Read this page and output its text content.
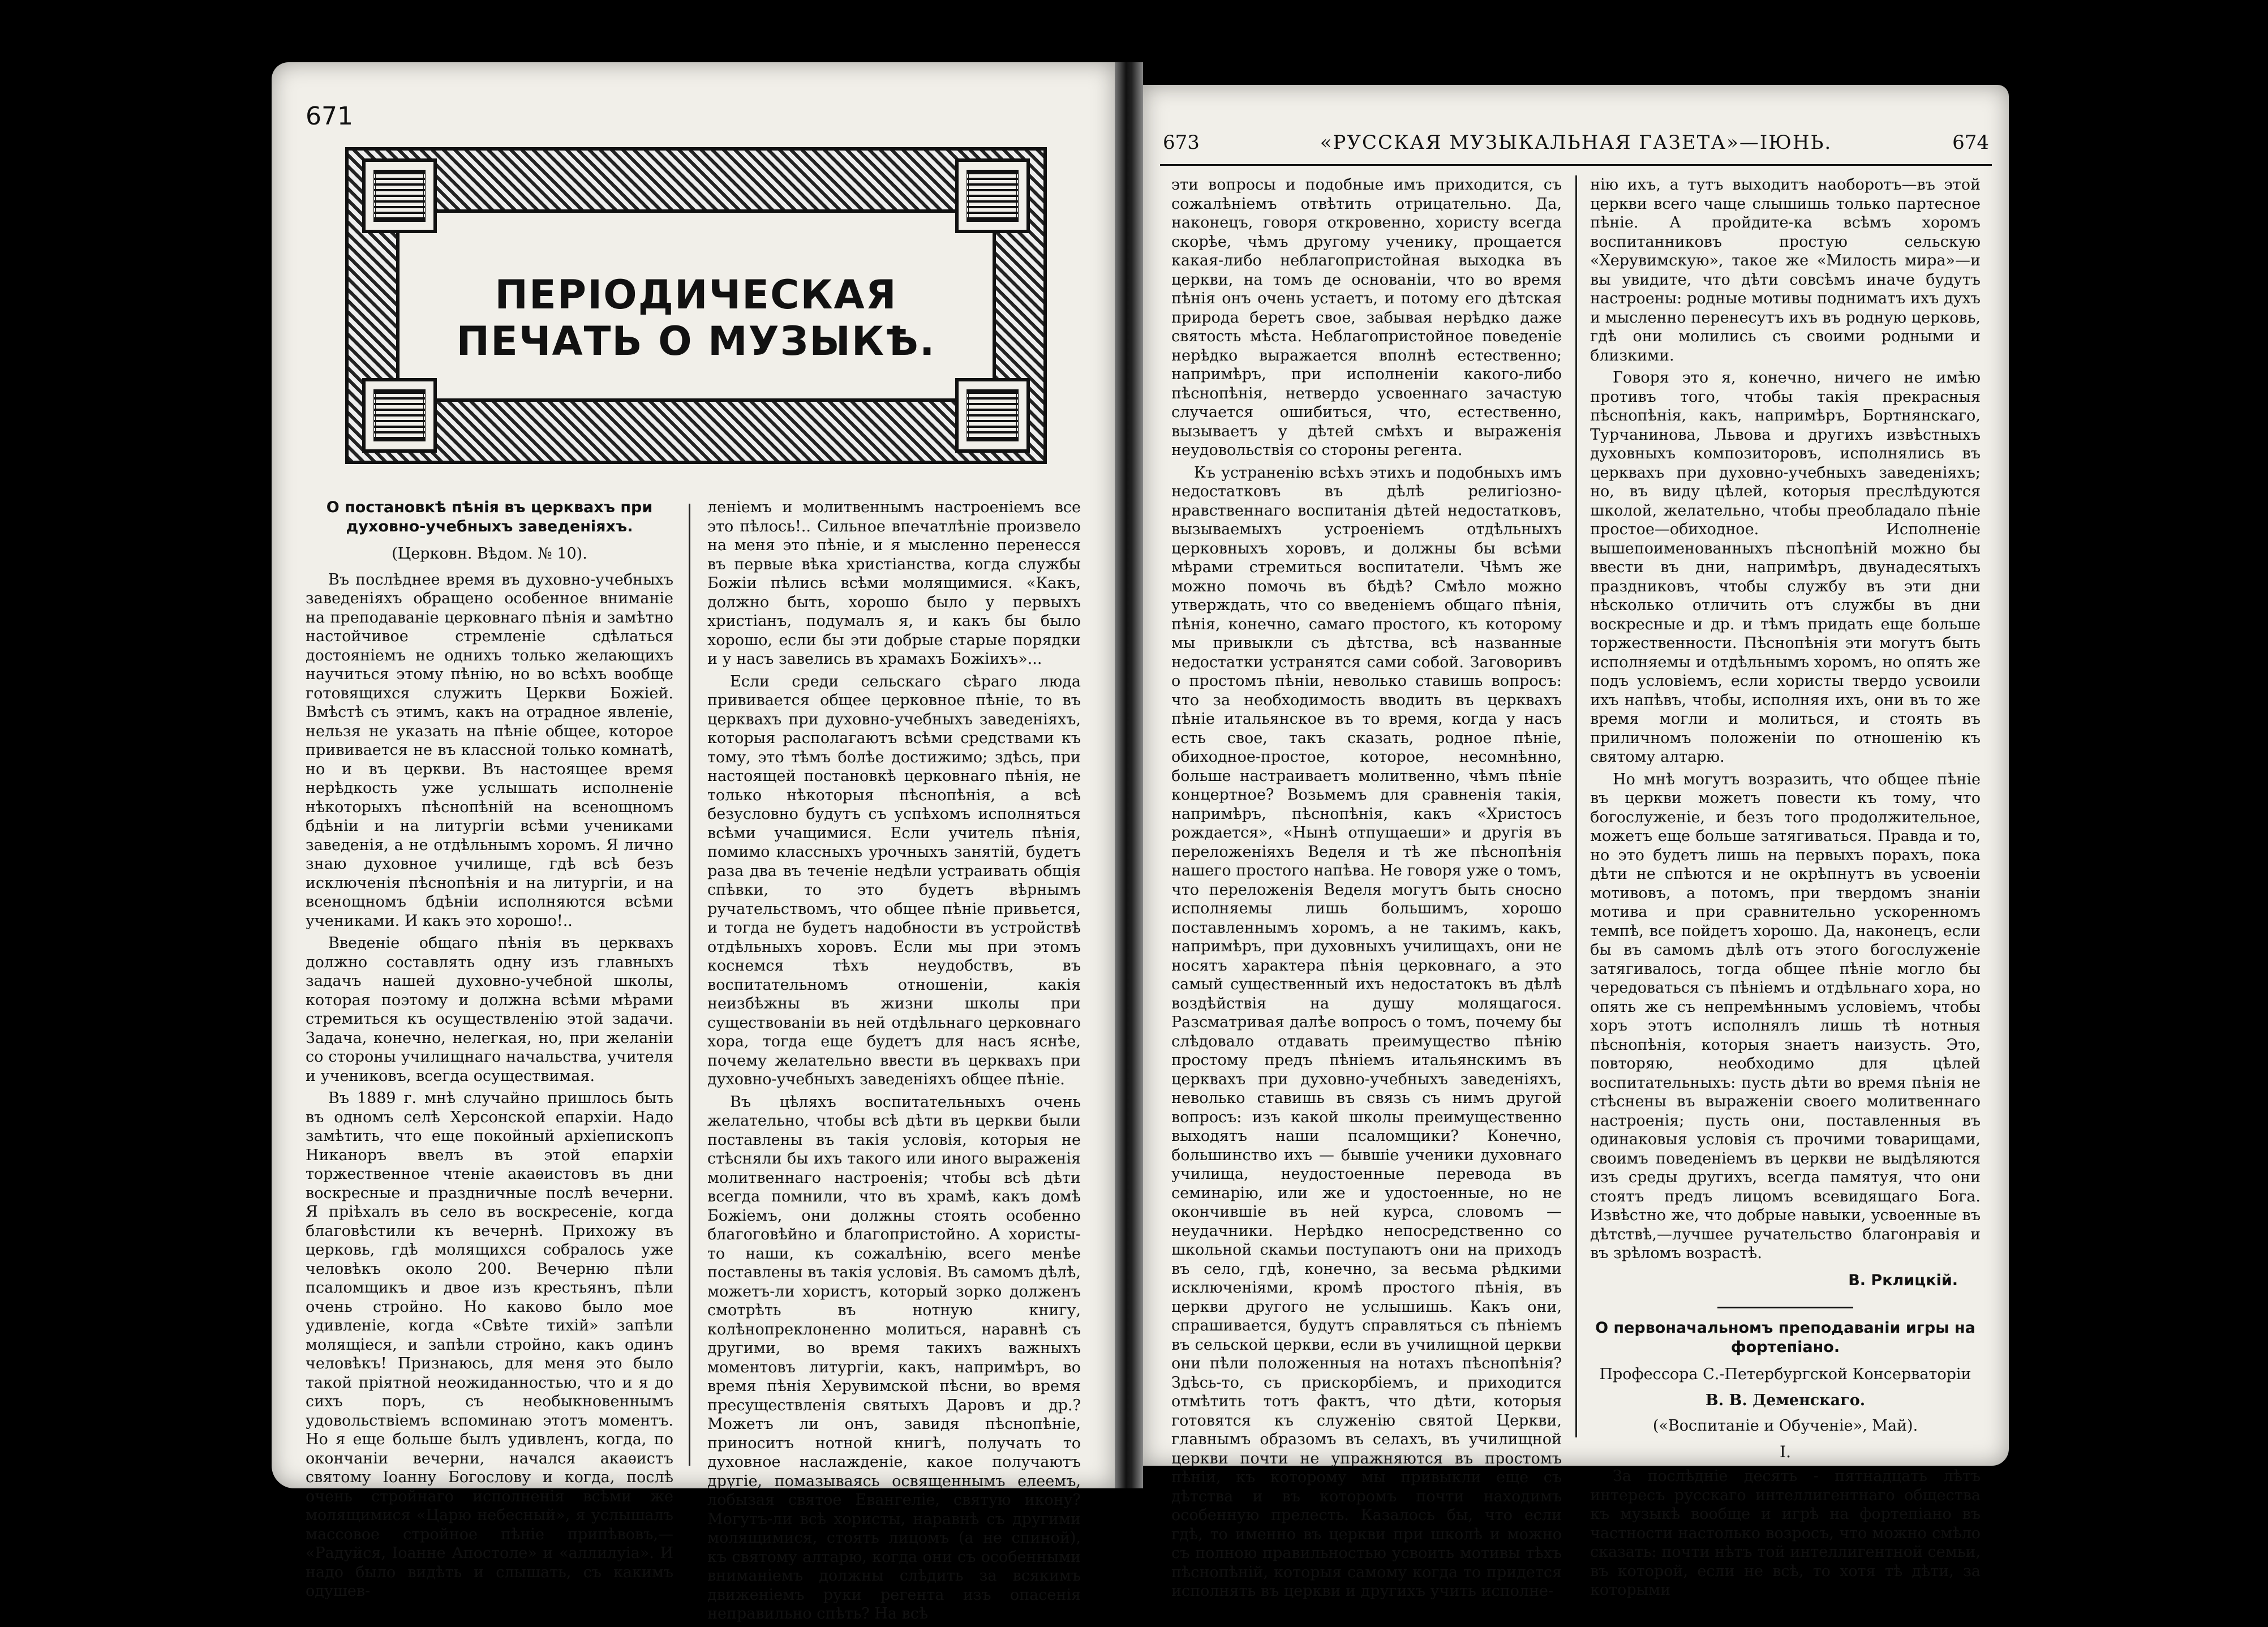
671
ПЕРІОДИЧЕСКАЯ ПЕЧАТЬ О МУЗЫКѢ.
О постановкѣ пѣнія въ церквахъ при духовно-учебныхъ заведеніяхъ.
(Церковн. Вѣдом. № 10).

Въ послѣднее время въ духовно-учебныхъ заведеніяхъ обращено особенное вниманіе на преподаваніе церковнаго пѣнія и замѣтно настойчивое стремленіе сдѣлаться достояніемъ не однихъ только желающихъ научиться этому пѣнію, но во всѣхъ вообще готовящихся служить Церкви Божіей. Вмѣстѣ съ этимъ, какъ на отрадное явленіе, нельзя не указать на пѣніе общее, которое прививается не въ классной только комнатѣ, но и въ церкви. Въ настоящее время нерѣдкость уже услышать исполненіе нѣкоторыхъ пѣснопѣній на всенощномъ бдѣніи и на литургіи всѣми учениками заведенія, а не отдѣльнымъ хоромъ. Я лично знаю духовное училище, гдѣ всѣ безъ исключенія пѣснопѣнія и на литургіи, и на всенощномъ бдѣніи исполняются всѣми учениками. И какъ это хорошо!..

Введеніе общаго пѣнія въ церквахъ должно составлять одну изъ главныхъ задачъ нашей духовно-учебной школы, которая поэтому и должна всѣми мѣрами стремиться къ осуществленію этой задачи. Задача, конечно, нелегкая, но, при желаніи со стороны училищнаго начальства, учителя и учениковъ, всегда осуществимая.

Въ 1889 г. мнѣ случайно пришлось быть въ одномъ селѣ Херсонской епархіи. Надо замѣтить, что еще покойный архіепископъ Никаноръ ввелъ въ этой епархіи торжественное чтеніе акаѳистовъ въ дни воскресные и праздничные послѣ вечерни. Я пріѣхалъ въ село въ воскресеніе, когда благовѣстили къ вечернѣ. Прихожу въ церковь, гдѣ молящихся собралось уже человѣкъ около 200. Вечерню пѣли псаломщикъ и двое изъ крестьянъ, пѣли очень стройно. Но каково было мое удивленіе, когда «Свѣте тихій» запѣли молящіеся, и запѣли стройно, какъ одинъ человѣкъ! Признаюсь, для меня это было такой пріятной неожиданностью, что и я до сихъ поръ, съ необыкновеннымъ удовольствіемъ вспоминаю этотъ моментъ. Но я еще больше былъ удивленъ, когда, по окончаніи вечерни, начался акаѳистъ святому Іоанну Богослову и когда, послѣ очень стройнаго исполненія всѣми же молящимися «Царю небесный», я услышалъ массовое стройное пѣніе припѣвовъ,— «Радуйся, Іоанне Апостоле» и «аллилуіа». И надо было видѣть и слышать, съ какимъ одушев-

леніемъ и молитвеннымъ настроеніемъ все это пѣлось!.. Сильное впечатлѣніе произвело на меня это пѣніе, и я мысленно перенесся въ первые вѣка христіанства, когда службы Божіи пѣлись всѣми молящимися. «Какъ, должно быть, хорошо было у первыхъ христіанъ, подумалъ я, и какъ бы было хорошо, если бы эти добрые старые порядки и у насъ завелись въ храмахъ Божіихъ»...

Если среди сельскаго сѣраго люда прививается общее церковное пѣніе, то въ церквахъ при духовно-учебныхъ заведеніяхъ, которыя располагаютъ всѣми средствами къ тому, это тѣмъ болѣе достижимо; здѣсь, при настоящей постановкѣ церковнаго пѣнія, не только нѣкоторыя пѣснопѣнія, а всѣ безусловно будутъ съ успѣхомъ исполняться всѣми учащимися. Если учитель пѣнія, помимо классныхъ урочныхъ занятій, будетъ раза два въ теченіе недѣли устраивать общія спѣвки, то это будетъ вѣрнымъ ручательствомъ, что общее пѣніе привьется, и тогда не будетъ надобности въ устройствѣ отдѣльныхъ хоровъ. Если мы при этомъ коснемся тѣхъ неудобствъ, въ воспитательномъ отношеніи, какія неизбѣжны въ жизни школы при существованіи въ ней отдѣльнаго церковнаго хора, тогда еще будетъ для насъ яснѣе, почему желательно ввести въ церквахъ при духовно-учебныхъ заведеніяхъ общее пѣніе.

Въ цѣляхъ воспитательныхъ очень желательно, чтобы всѣ дѣти въ церкви были поставлены въ такія условія, которыя не стѣсняли бы ихъ такого или иного выраженія молитвеннаго настроенія; чтобы всѣ дѣти всегда помнили, что въ храмѣ, какъ домѣ Божіемъ, они должны стоять особенно благоговѣйно и благопристойно. А хористы-то наши, къ сожалѣнію, всего менѣе поставлены въ такія условія. Въ самомъ дѣлѣ, можетъ-ли хористъ, который зорко долженъ смотрѣть въ нотную книгу, колѣнопреклоненно молиться, наравнѣ съ другими, во время такихъ важныхъ моментовъ литургіи, какъ, напримѣръ, во время пѣнія Херувимской пѣсни, во время пресуществленія святыхъ Даровъ и др.? Можетъ ли онъ, завидя пѣснопѣніе, приноситъ нотной книгѣ, получать то духовное наслажденіе, какое получаютъ другіе, помазываясь освященнымъ елеемъ, лобызая святое Евангеліе, святую икону? Могутъ-ли всѣ хористы, наравнѣ съ другими молящимися, стоять лицомъ (а не спиной), къ святому алтарю, когда они съ особенными вниманіемъ должны слѣдить за всякимъ движеніемъ руки регента изъ опасенія неправильно спѣть? На всѣ

673	«РУССКАЯ МУЗЫКАЛЬНАЯ ГАЗЕТА»—ІЮНЬ.	674

эти вопросы и подобные имъ приходится, съ сожалѣніемъ отвѣтить отрицательно. Да, наконецъ, говоря откровенно, хористу всегда скорѣе, чѣмъ другому ученику, прощается какая-либо неблагопристойная выходка въ церкви, на томъ де основаніи, что во время пѣнія онъ очень устаетъ, и потому его дѣтская природа беретъ свое, забывая нерѣдко даже святость мѣста. Неблагопристойное поведеніе нерѣдко выражается вполнѣ естественно; напримѣръ, при исполненіи какого-либо пѣснопѣнія, нетвердо усвоеннаго зачастую случается ошибиться, что, естественно, вызываетъ у дѣтей смѣхъ и выраженія неудовольствія со стороны регента.

Къ устраненію всѣхъ этихъ и подобныхъ имъ недостатковъ въ дѣлѣ религіозно-нравственнаго воспитанія дѣтей недостатковъ, вызываемыхъ устроеніемъ отдѣльныхъ церковныхъ хоровъ, и должны бы всѣми мѣрами стремиться воспитатели. Чѣмъ же можно помочь въ бѣдѣ? Смѣло можно утверждать, что со введеніемъ общаго пѣнія, пѣнія, конечно, самаго простого, къ которому мы привыкли съ дѣтства, всѣ названные недостатки устранятся сами собой. Заговоривъ о простомъ пѣніи, неволько ставишь вопросъ: что за необходимость вводить въ церквахъ пѣніе итальянское въ то время, когда у насъ есть свое, такъ сказать, родное пѣніе, обиходное-простое, которое, несомнѣнно, больше настраиваетъ молитвенно, чѣмъ пѣніе концертное? Возьмемъ для сравненія такія, напримѣръ, пѣснопѣнія, какъ «Христосъ рождается», «Нынѣ отпущаеши» и другія въ переложеніяхъ Веделя и тѣ же пѣснопѣнія нашего простого напѣва. Не говоря уже о томъ, что переложенія Веделя могутъ быть сносно исполняемы лишь большимъ, хорошо поставленнымъ хоромъ, а не такимъ, какъ, напримѣръ, при духовныхъ училищахъ, они не носятъ характера пѣнія церковнаго, а это самый существенный ихъ недостатокъ въ дѣлѣ воздѣйствія на душу молящагося. Разсматривая далѣе вопросъ о томъ, почему бы слѣдовало отдавать преимущество пѣнію простому предъ пѣніемъ итальянскимъ въ церквахъ при духовно-учебныхъ заведеніяхъ, неволько ставишь въ связь съ нимъ другой вопросъ: изъ какой школы преимущественно выходятъ наши псаломщики? Конечно, большинство ихъ — бывшіе ученики духовнаго училища, неудостоенные перевода въ семинарію, или же и удостоенные, но не окончившіе въ ней курса, словомъ — неудачники. Нерѣдко непосредственно со школьной скамьи поступаютъ они на приходъ въ село, гдѣ, конечно, за весьма рѣдкими исключеніями, кромѣ простого пѣнія, въ церкви другого не услышишь. Какъ они, спрашивается, будутъ справляться съ пѣніемъ въ сельской церкви, если въ училищной церкви они пѣли положенныя на нотахъ пѣснопѣнія? Здѣсь-то, съ прискорбіемъ, и приходится отмѣтить тотъ фактъ, что дѣти, которыя готовятся къ служенію святой Церкви, главнымъ образомъ въ селахъ, въ училищной церкви почти не упражняются въ простомъ пѣніи, къ которому мы привыкли еще съ дѣтства и въ которомъ почти находимъ особенную прелесть. Казалось бы, что если гдѣ, то именно въ церкви при школѣ и можно съ полною правильностью усвоить мотивы тѣхъ пѣснопѣній, которыя самому когда то придется исполнять въ церкви и другихъ учить исполне-

нію ихъ, а тутъ выходитъ наоборотъ—въ этой церкви всего чаще слышишь только партесное пѣніе. А пройдите-ка всѣмъ хоромъ воспитанниковъ простую сельскую «Херувимскую», такое же «Милость мира»—и вы увидите, что дѣти совсѣмъ иначе будутъ настроены: родные мотивы подниматъ ихъ духъ и мысленно перенесутъ ихъ въ родную церковь, гдѣ они молились съ своими родными и близкими.

Говоря это я, конечно, ничего не имѣю противъ того, чтобы такія прекрасныя пѣснопѣнія, какъ, напримѣръ, Бортнянскаго, Турчанинова, Львова и другихъ извѣстныхъ духовныхъ композиторовъ, исполнялись въ церквахъ при духовно-учебныхъ заведеніяхъ; но, въ виду цѣлей, которыя преслѣдуются школой, желательно, чтобы преобладало пѣніе простое—обиходное. Исполненіе вышепоименованныхъ пѣснопѣній можно бы ввести въ дни, напримѣръ, двунадесятыхъ праздниковъ, чтобы службу въ эти дни нѣсколько отличить отъ службы въ дни воскресные и др. и тѣмъ придать еще больше торжественности. Пѣснопѣнія эти могутъ быть исполняемы и отдѣльнымъ хоромъ, но опять же подъ условіемъ, если хористы твердо усвоили ихъ напѣвъ, чтобы, исполняя ихъ, они въ то же время могли и молиться, и стоять въ приличномъ положеніи по отношенію къ святому алтарю.

Но мнѣ могутъ возразить, что общее пѣніе въ церкви можетъ повести къ тому, что богослуженіе, и безъ того продолжительное, можетъ еще больше затягиваться. Правда и то, но это будетъ лишь на первыхъ порахъ, пока дѣти не спѣются и не окрѣпнутъ въ усвоеніи мотивовъ, а потомъ, при твердомъ знаніи мотива и при сравнительно ускоренномъ темпѣ, все пойдетъ хорошо. Да, наконецъ, если бы въ самомъ дѣлѣ отъ этого богослуженіе затягивалось, тогда общее пѣніе могло бы чередоваться съ пѣніемъ и отдѣльнаго хора, но опять же съ непремѣннымъ условіемъ, чтобы хоръ этотъ исполнялъ лишь тѣ нотныя пѣснопѣнія, которыя знаетъ наизусть. Это, повторяю, необходимо для цѣлей воспитательныхъ: пусть дѣти во время пѣнія не стѣснены въ выраженіи своего молитвеннаго настроенія; пусть они, поставленныя въ одинаковыя условія съ прочими товарищами, своимъ поведеніемъ въ церкви не выдѣляются изъ среды другихъ, всегда памятуя, что они стоятъ предъ лицомъ всевидящаго Бога. Извѣстно же, что добрые навыки, усвоенные въ дѣтствѣ,—лучшее ручательство благонравія и въ зрѣломъ возрастѣ.

В. Рклицкій.
О первоначальномъ преподаваніи игры на фортепіано.
Профессора С.-Петербургской Консерваторіи
В. В. Деменскаго.
(«Воспитаніе и Обученіе», Май).
I.

За послѣдніе десять - пятнадцать лѣтъ интересъ русскаго интеллигентнаго общества къ музыкѣ вообще и игрѣ на фортепіано въ частности настолько возросъ, что можно смѣло сказать: почти нѣтъ той интеллигентной семьи, въ которой, если не всѣ, то хотя тѣ дѣти, за которыми
